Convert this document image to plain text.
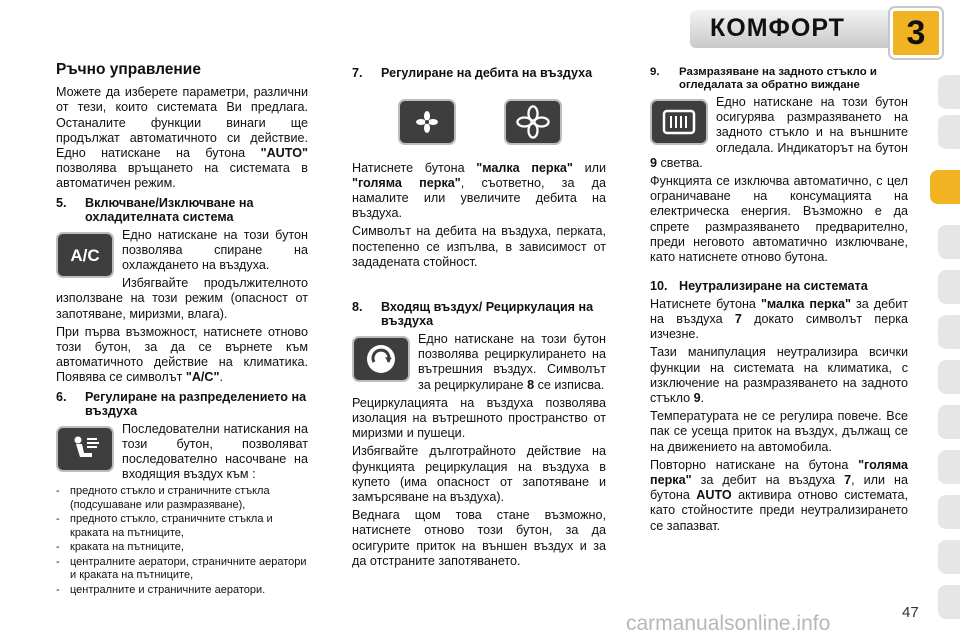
КОМФОРТ	3
Ръчно управление

Можете да изберете параметри, различни от тези, които системата Ви предлага. Останалите функции винаги ще продължат автоматичното си действие. Едно натискане на бутона "AUTO" позволява връщането на системата в автоматичен режим.

5.	Включване/Изключване на охладителната система
A/C

Едно натискане на този бутон позволява спиране на охлаждането на въздуха.

Избягвайте продължителното използване на този режим (опасност от запотяване, миризми, влага).

При първа възможност, натиснете отново този бутон, за да се върнете към автоматичното действие на климатика. Появява се символът "A/C".

6.	Регулиране на разпределението на въздуха

Последователни натискания на този бутон, позволяват последователно насочване на входящия въздух към :

- предното стъкло и страничните стъкла (подсушаване или размразяване),
- предното стъкло, страничните стъкла и краката на пътниците,
- краката на пътниците,
- централните аератори, страничните аератори и краката на пътниците,
- централните и страничните аератори.
7.	Регулиране на дебита на въздуха

Натиснете бутона "малка перка" или "голяма перка", съответно, за да намалите или увеличите дебита на въздуха.

Символът на дебита на въздуха, перката, постепенно се изпълва, в зависимост от зададената стойност.

8.	Входящ въздух/ Рециркулация на въздуха

Едно натискане на този бутон позволява рециркулирането на вътрешния въздух. Символът за рециркулиране 8 се изписва.

Рециркулацията на въздуха позволява изолация на вътрешното пространство от миризми и пушеци.

Избягвайте дълготрайното действие на функцията рециркулация на въздуха в купето (има опасност от запотяване и замърсяване на въздуха).

Веднага щом това стане възможно, натиснете отново този бутон, за да осигурите приток на външен въздух и за да отстраните запотяването.

9.	Размразяване на задното стъкло и огледалата за обратно виждане

Едно натискане на този бутон осигурява размразяването на задното стъкло и на външните огледала. Индикаторът на бутон 9 светва.

Функцията се изключва автоматично, с цел ограничаване на консумацията на електрическа енергия. Възможно е да спрете размразяването предварително, преди неговото автоматично изключване, като натиснете отново бутона.

10. Неутрализиране на системата

Натиснете бутона "малка перка" за дебит на въздуха 7 докато символът перка изчезне.

Тази манипулация неутрализира всички функции на системата на климатика, с изключение на размразяването на задното стъкло 9.

Температурата не се регулира повече. Все пак се усеща приток на въздух, дължащ се на движението на автомобила.

Повторно натискане на бутона "голяма перка" за дебит на въздуха 7, или на бутона AUTO активира отново системата, като стойностите преди неутрализирането се запазват.

carmanualsonline.info	47
